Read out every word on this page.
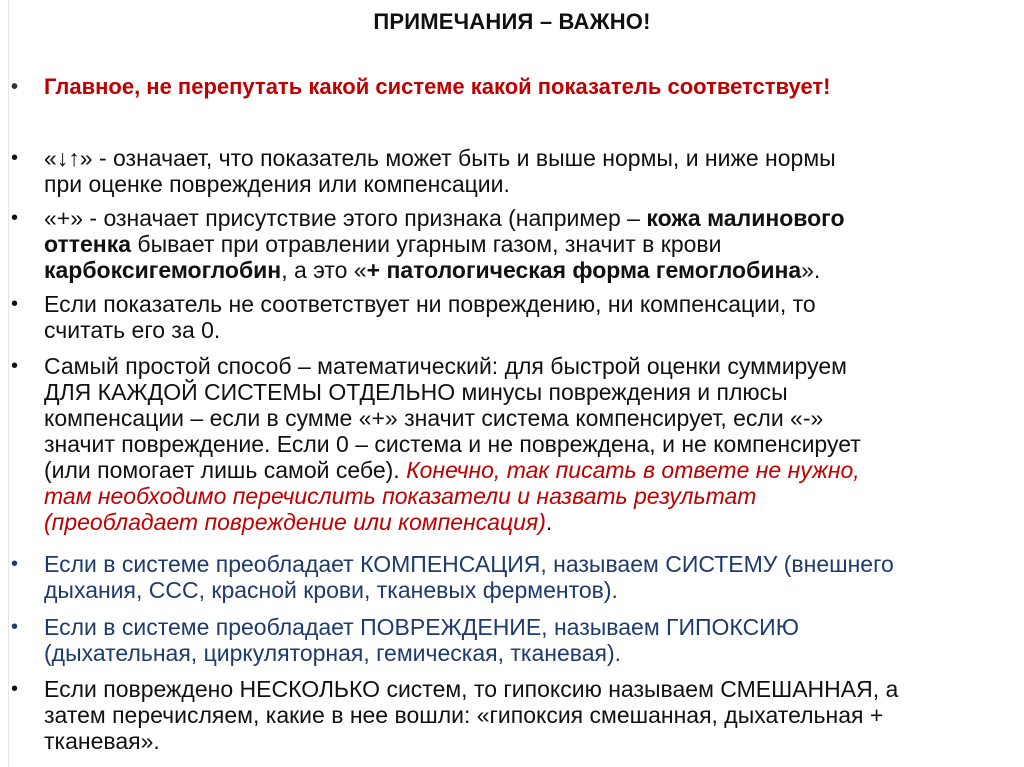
ПРИМЕЧАНИЯ – ВАЖНО!
• Главное, не перепутать какой системе какой показатель соответствует!
• «↓↑» - означает, что показатель может быть и выше нормы, и ниже нормы
при оценке повреждения или компенсации.
• «+» - означает присутствие этого признака (например – кожа малинового
оттенка бывает при отравлении угарным газом, значит в крови
карбоксигемоглобин, а это «+ патологическая форма гемоглобина».
• Если показатель не соответствует ни повреждению, ни компенсации, то
считать его за 0.
• Самый простой способ – математический: для быстрой оценки суммируем
ДЛЯ КАЖДОЙ СИСТЕМЫ ОТДЕЛЬНО минусы повреждения и плюсы
компенсации – если в сумме «+» значит система компенсирует, если «-»
значит повреждение. Если 0 – система и не повреждена, и не компенсирует
(или помогает лишь самой себе). Конечно, так писать в ответе не нужно,
там необходимо перечислить показатели и назвать результат
(преобладает повреждение или компенсация).
• Если в системе преобладает КОМПЕНСАЦИЯ, называем СИСТЕМУ (внешнего
дыхания, ССС, красной крови, тканевых ферментов).
• Если в системе преобладает ПОВРЕЖДЕНИЕ, называем ГИПОКСИЮ
(дыхательная, циркуляторная, гемическая, тканевая).
• Если повреждено НЕСКОЛЬКО систем, то гипоксию называем СМЕШАННАЯ, а
затем перечисляем, какие в нее вошли: «гипоксия смешанная, дыхательная +
тканевая».
